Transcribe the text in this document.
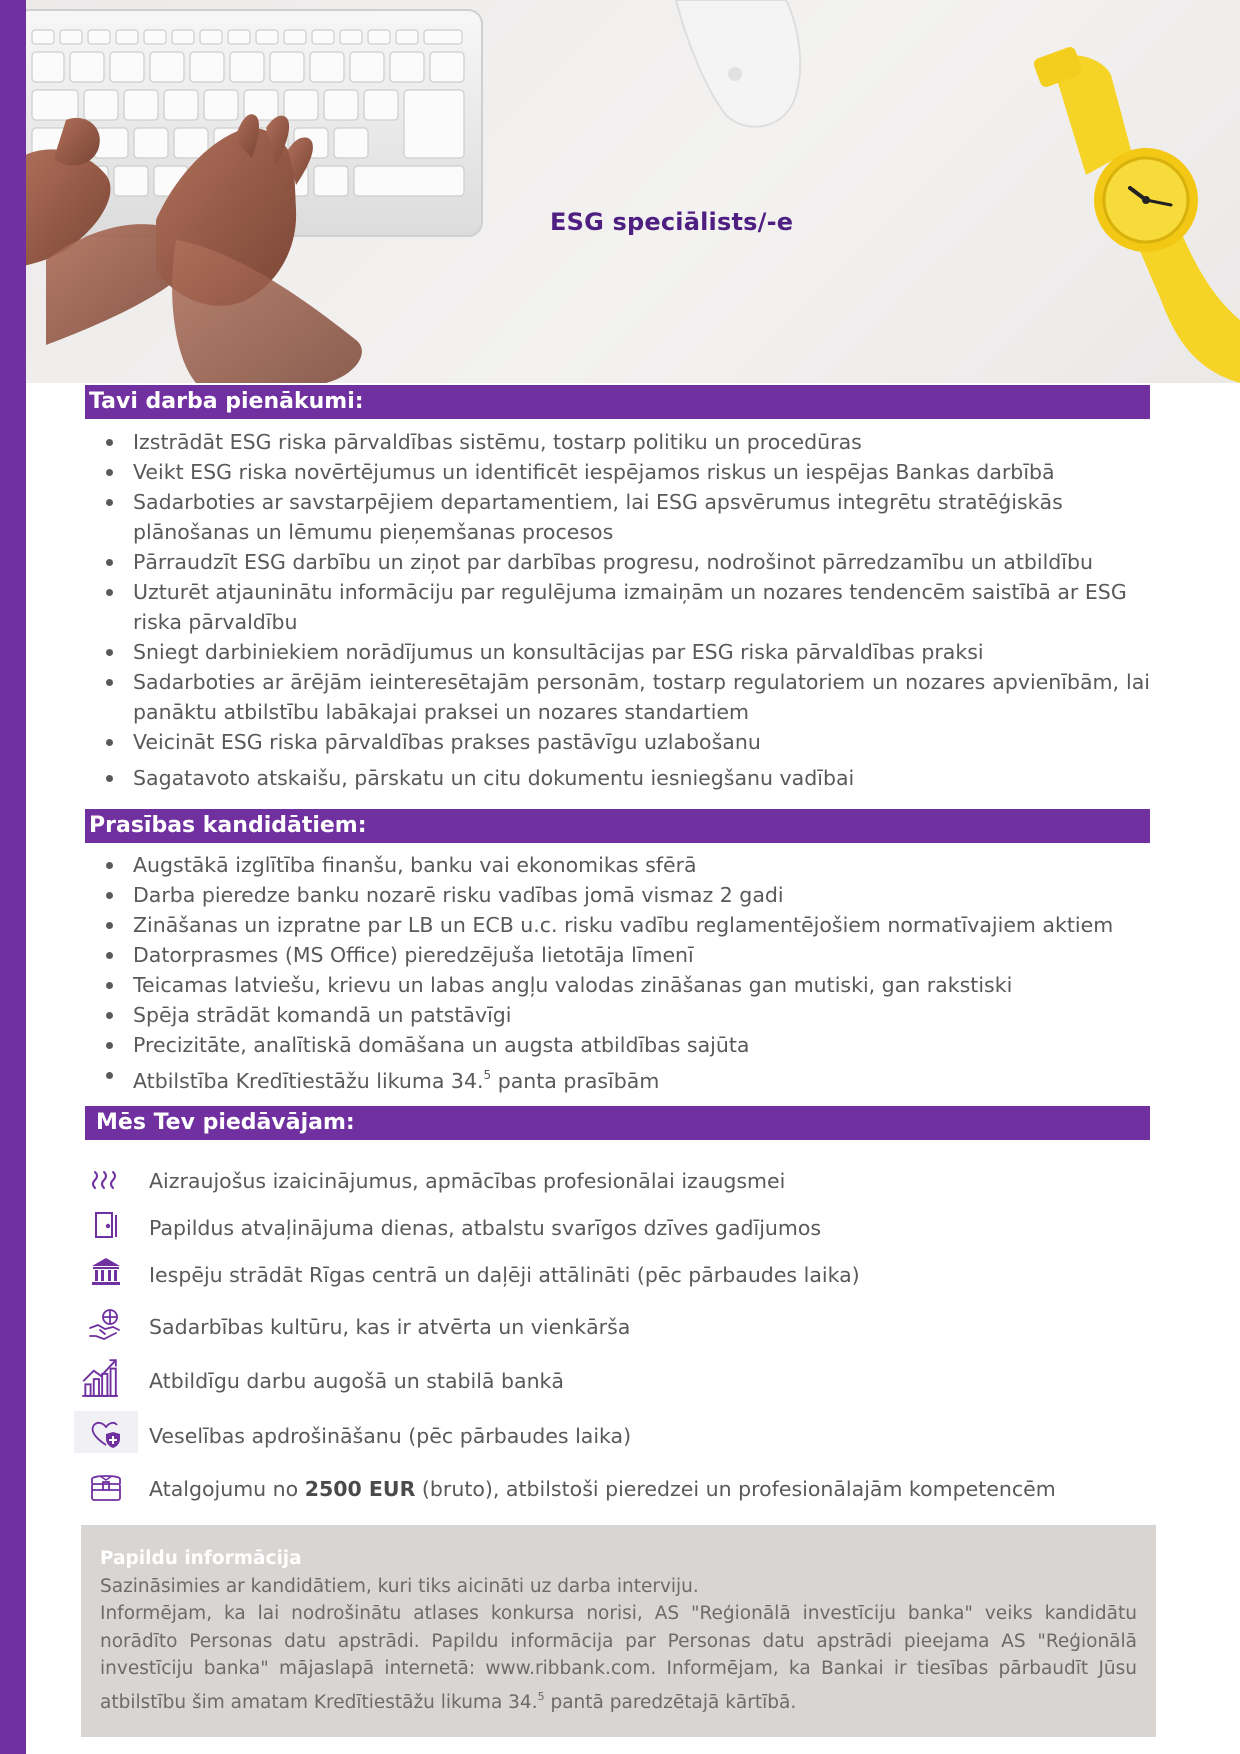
ESG speciālists/-e
Tavi darba pienākumi:
Izstrādāt ESG riska pārvaldības sistēmu, tostarp politiku un procedūras
Veikt ESG riska novērtējumus un identificēt iespējamos riskus un iespējas Bankas darbībā
Sadarboties ar savstarpējiem departamentiem, lai ESG apsvērumus integrētu stratēģiskās plānošanas un lēmumu pieņemšanas procesos
Pārraudzīt ESG darbību un ziņot par darbības progresu, nodrošinot pārredzamību un atbildību
Uzturēt atjauninātu informāciju par regulējuma izmaiņām un nozares tendencēm saistībā ar ESG riska pārvaldību
Sniegt darbiniekiem norādījumus un konsultācijas par ESG riska pārvaldības praksi
Sadarboties ar ārējām ieinteresētajām personām, tostarp regulatoriem un nozares apvienībām, lai panāktu atbilstību labākajai praksei un nozares standartiem
Veicināt ESG riska pārvaldības prakses pastāvīgu uzlabošanu
Sagatavoto atskaišu, pārskatu un citu dokumentu iesniegšanu vadībai
Prasības kandidātiem:
Augstākā izglītība finanšu, banku vai ekonomikas sfērā
Darba pieredze banku nozarē risku vadības jomā vismaz 2 gadi
Zināšanas un izpratne par LB un ECB u.c. risku vadību reglamentējošiem normatīvajiem aktiem
Datorprasmes (MS Office) pieredzējuša lietotāja līmenī
Teicamas latviešu, krievu un labas angļu valodas zināšanas gan mutiski, gan rakstiski
Spēja strādāt komandā un patstāvīgi
Precizitāte, analītiskā domāšana un augsta atbildības sajūta
Atbilstība Kredītiestāžu likuma 34.$^5$ panta prasībām
Mēs Tev piedāvājam:
Aizraujošus izaicinājumus, apmācības profesionālai izaugsmei
Papildus atvaļinājuma dienas, atbalstu svarīgos dzīves gadījumos
Iespēju strādāt Rīgas centrā un daļēji attālināti (pēc pārbaudes laika)
Sadarbības kultūru, kas ir atvērta un vienkārša
Atbildīgu darbu augošā un stabilā bankā
Veselības apdrošināšanu (pēc pārbaudes laika)
Atalgojumu no 2500 EUR (bruto), atbilstoši pieredzei un profesionālajām kompetencēm
Papildu informācija
Sazināsimies ar kandidātiem, kuri tiks aicināti uz darba interviju.
Informējam, ka lai nodrošinātu atlases konkursa norisi, AS "Reģionālā investīciju banka" veiks kandidātu norādīto Personas datu apstrādi. Papildu informācija par Personas datu apstrādi pieejama AS "Reģionālā investīciju banka" mājaslapā internetā: www.ribbank.com. Informējam, ka Bankai ir tiesības pārbaudīt Jūsu atbilstību šim amatam Kredītiestāžu likuma 34.$^5$ pantā paredzētajā kārtībā.
